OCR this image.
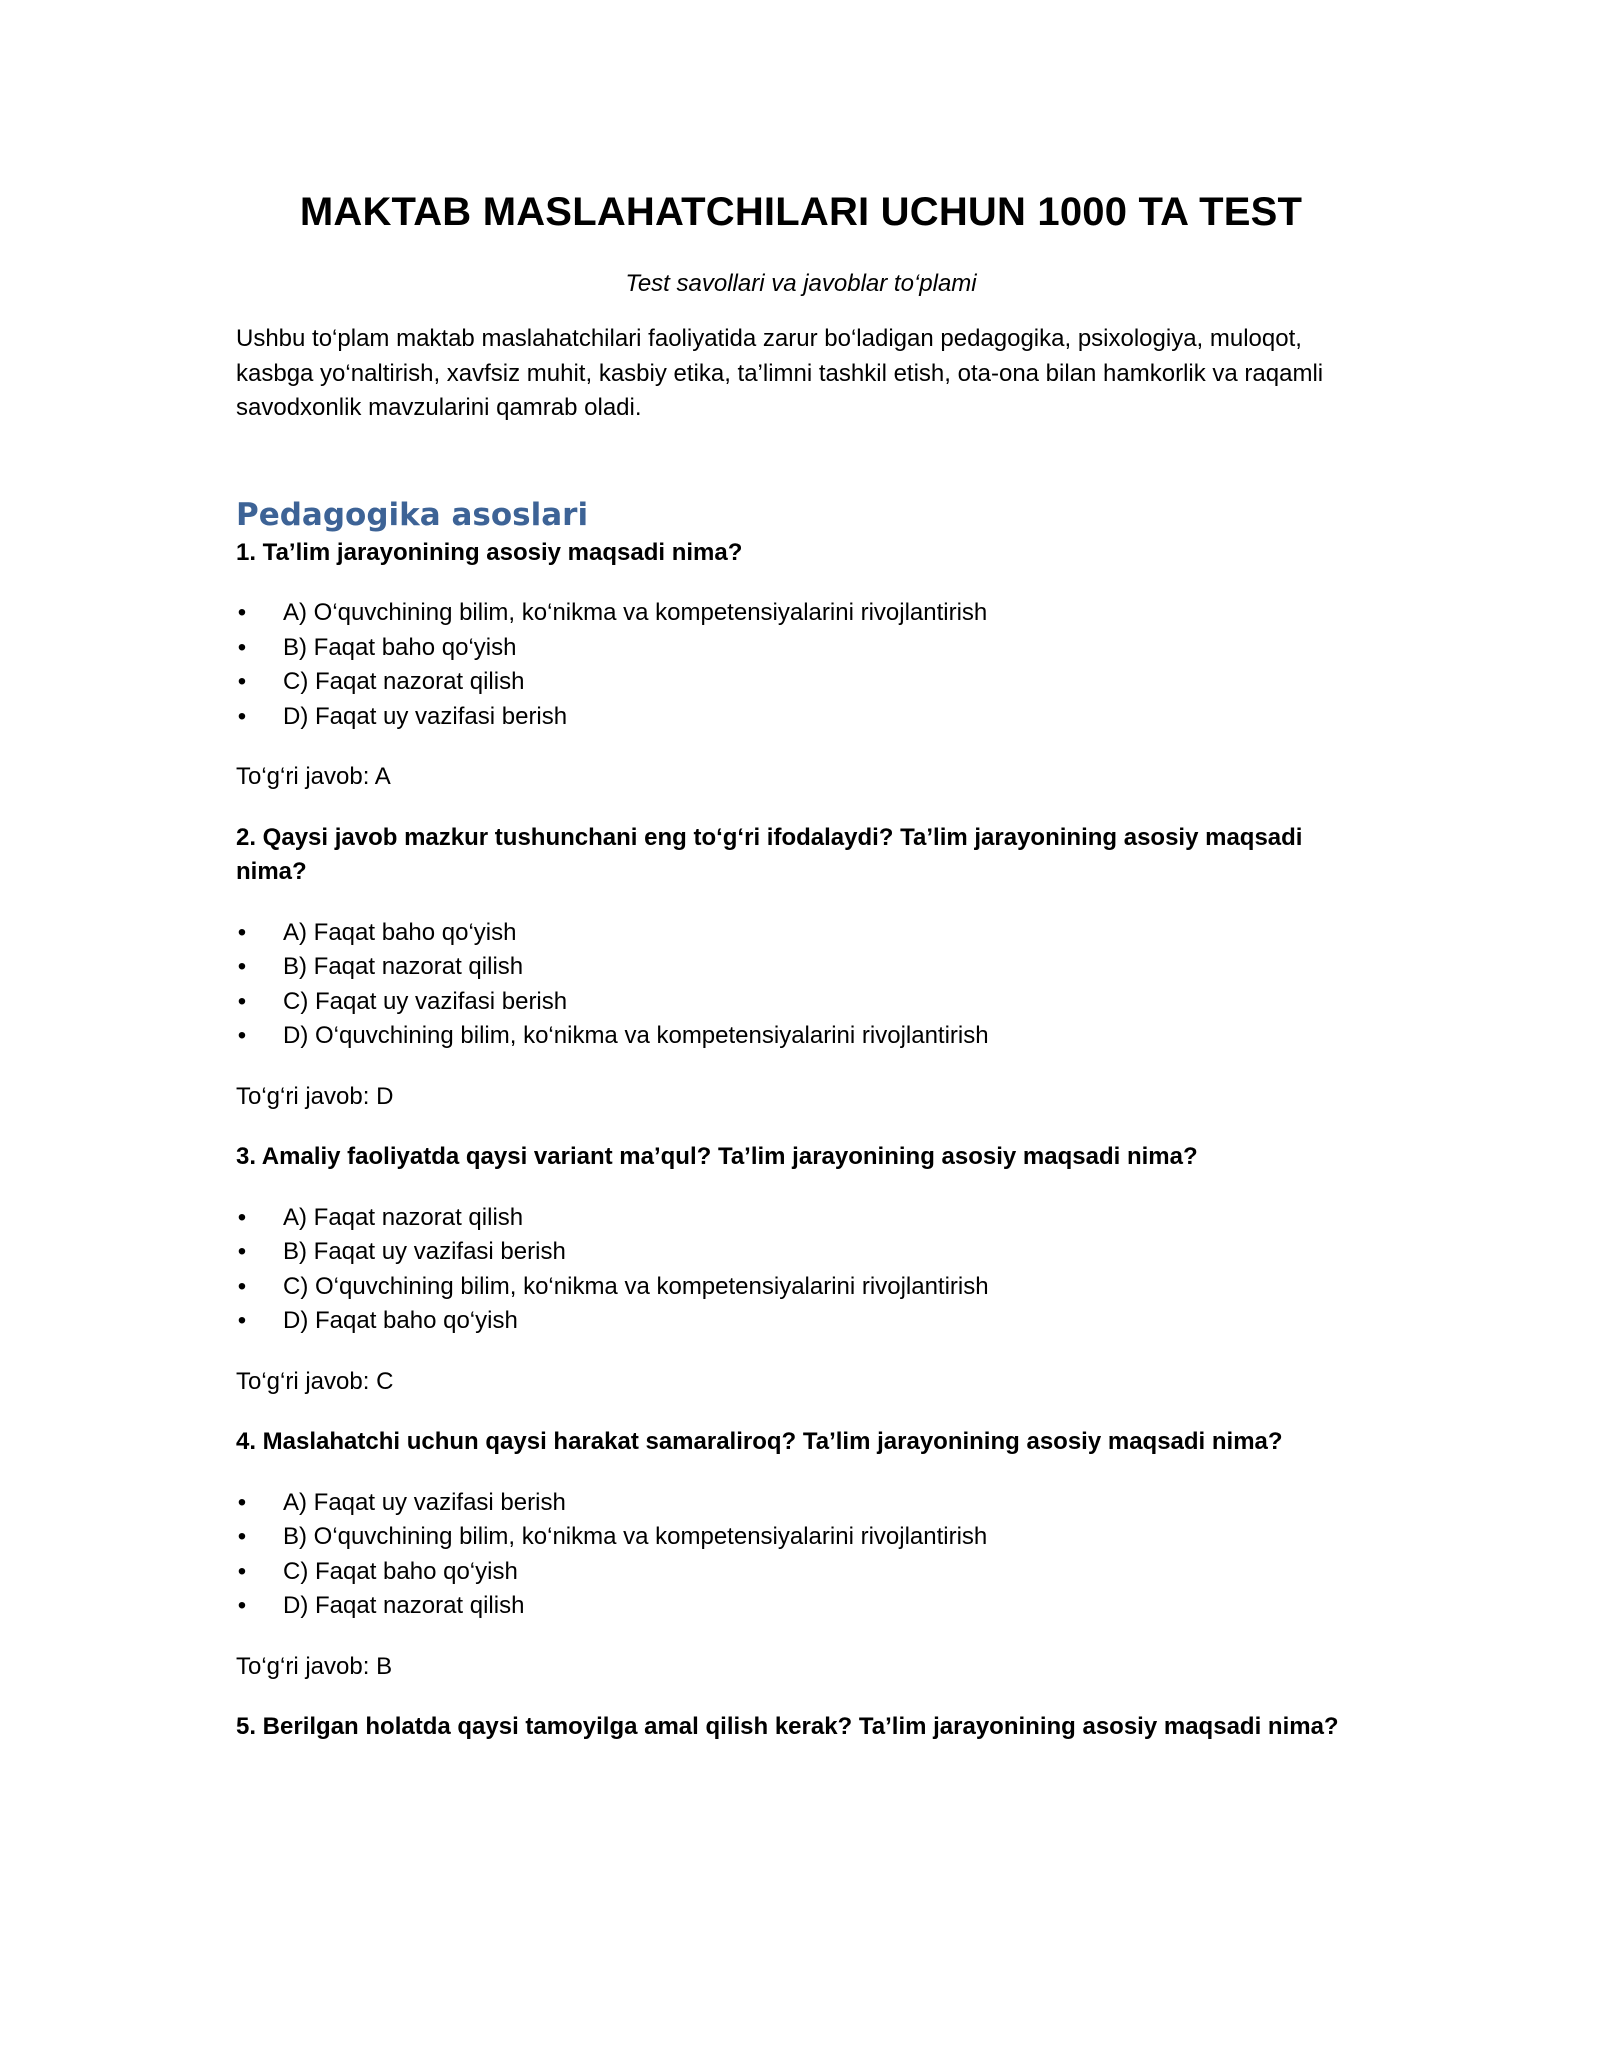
MAKTAB MASLAHATCHILARI UCHUN 1000 TA TEST

Test savollari va javoblar to‘plami

Ushbu to‘plam maktab maslahatchilari faoliyatida zarur bo‘ladigan pedagogika, psixologiya, muloqot, kasbga yo‘naltirish, xavfsiz muhit, kasbiy etika, ta’limni tashkil etish, ota-ona bilan hamkorlik va raqamli savodxonlik mavzularini qamrab oladi.

Pedagogika asoslari

1. Ta’lim jarayonining asosiy maqsadi nima?

• A) O‘quvchining bilim, ko‘nikma va kompetensiyalarini rivojlantirish
• B) Faqat baho qo‘yish
• C) Faqat nazorat qilish
• D) Faqat uy vazifasi berish

To‘g‘ri javob: A

2. Qaysi javob mazkur tushunchani eng to‘g‘ri ifodalaydi? Ta’lim jarayonining asosiy maqsadi nima?

• A) Faqat baho qo‘yish
• B) Faqat nazorat qilish
• C) Faqat uy vazifasi berish
• D) O‘quvchining bilim, ko‘nikma va kompetensiyalarini rivojlantirish

To‘g‘ri javob: D

3. Amaliy faoliyatda qaysi variant ma’qul? Ta’lim jarayonining asosiy maqsadi nima?

• A) Faqat nazorat qilish
• B) Faqat uy vazifasi berish
• C) O‘quvchining bilim, ko‘nikma va kompetensiyalarini rivojlantirish
• D) Faqat baho qo‘yish

To‘g‘ri javob: C

4. Maslahatchi uchun qaysi harakat samaraliroq? Ta’lim jarayonining asosiy maqsadi nima?

• A) Faqat uy vazifasi berish
• B) O‘quvchining bilim, ko‘nikma va kompetensiyalarini rivojlantirish
• C) Faqat baho qo‘yish
• D) Faqat nazorat qilish

To‘g‘ri javob: B

5. Berilgan holatda qaysi tamoyilga amal qilish kerak? Ta’lim jarayonining asosiy maqsadi nima?
